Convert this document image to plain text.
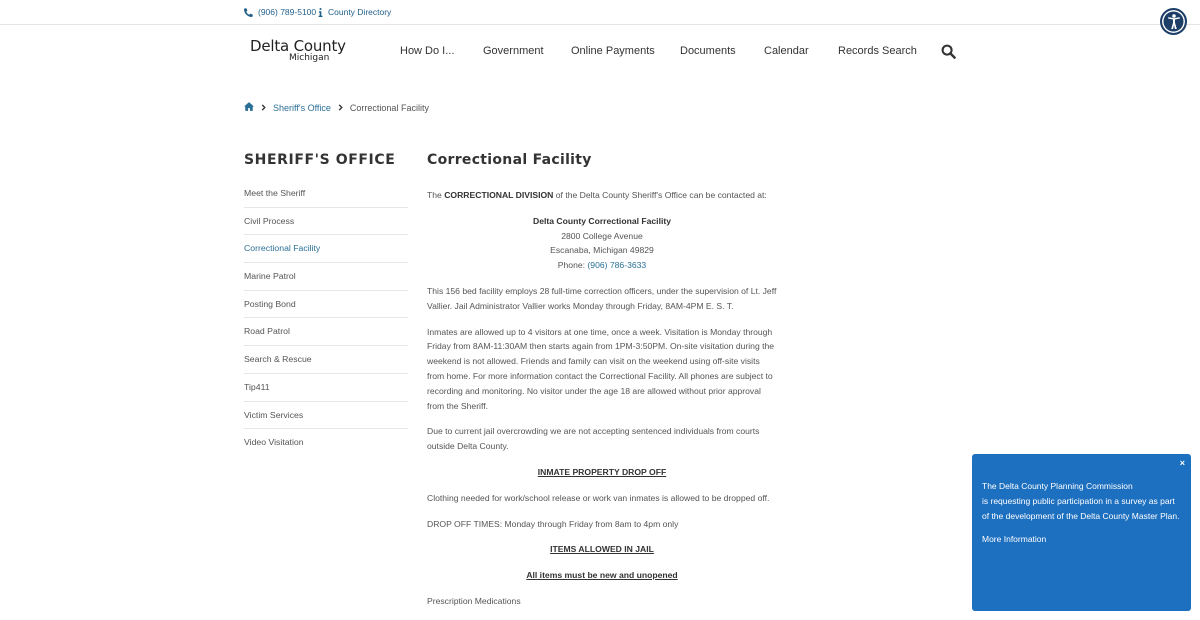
(906) 789-5100 County Directory
Delta County
Michigan
How Do I...	Government Online Payments Documents	Calendar	Records Search
Sheriff's Office Correctional Facility
SHERIFF'S OFFICE
Meet the Sheriff
Civil Process
Correctional Facility
Marine Patrol
Posting Bond
Road Patrol
Search & Rescue
Tip411
Victim Services
Video Visitation
Correctional Facility

The CORRECTIONAL DIVISION of the Delta County Sheriff's Office can be contacted at:

Delta County Correctional Facility
2800 College Avenue
Escanaba, Michigan 49829
Phone: (906) 786-3633

This 156 bed facility employs 28 full-time correction officers, under the supervision of Lt. Jeff Vallier. Jail Administrator Vallier works Monday through Friday, 8AM-4PM E. S. T.

Inmates are allowed up to 4 visitors at one time, once a week. Visitation is Monday through Friday from 8AM-11:30AM then starts again from 1PM-3:50PM. On-site visitation during the weekend is not allowed. Friends and family can visit on the weekend using off-site visits from home. For more information contact the Correctional Facility. All phones are subject to recording and monitoring. No visitor under the age 18 are allowed without prior approval from the Sheriff.

Due to current jail overcrowding we are not accepting sentenced individuals from courts outside Delta County.

INMATE PROPERTY DROP OFF

Clothing needed for work/school release or work van inmates is allowed to be dropped off.

DROP OFF TIMES: Monday through Friday from 8am to 4pm only

ITEMS ALLOWED IN JAIL

All items must be new and unopened

Prescription Medications

×

The Delta County Planning Commission
is requesting public participation in a survey as part of the development of the Delta County Master Plan.

More Information
